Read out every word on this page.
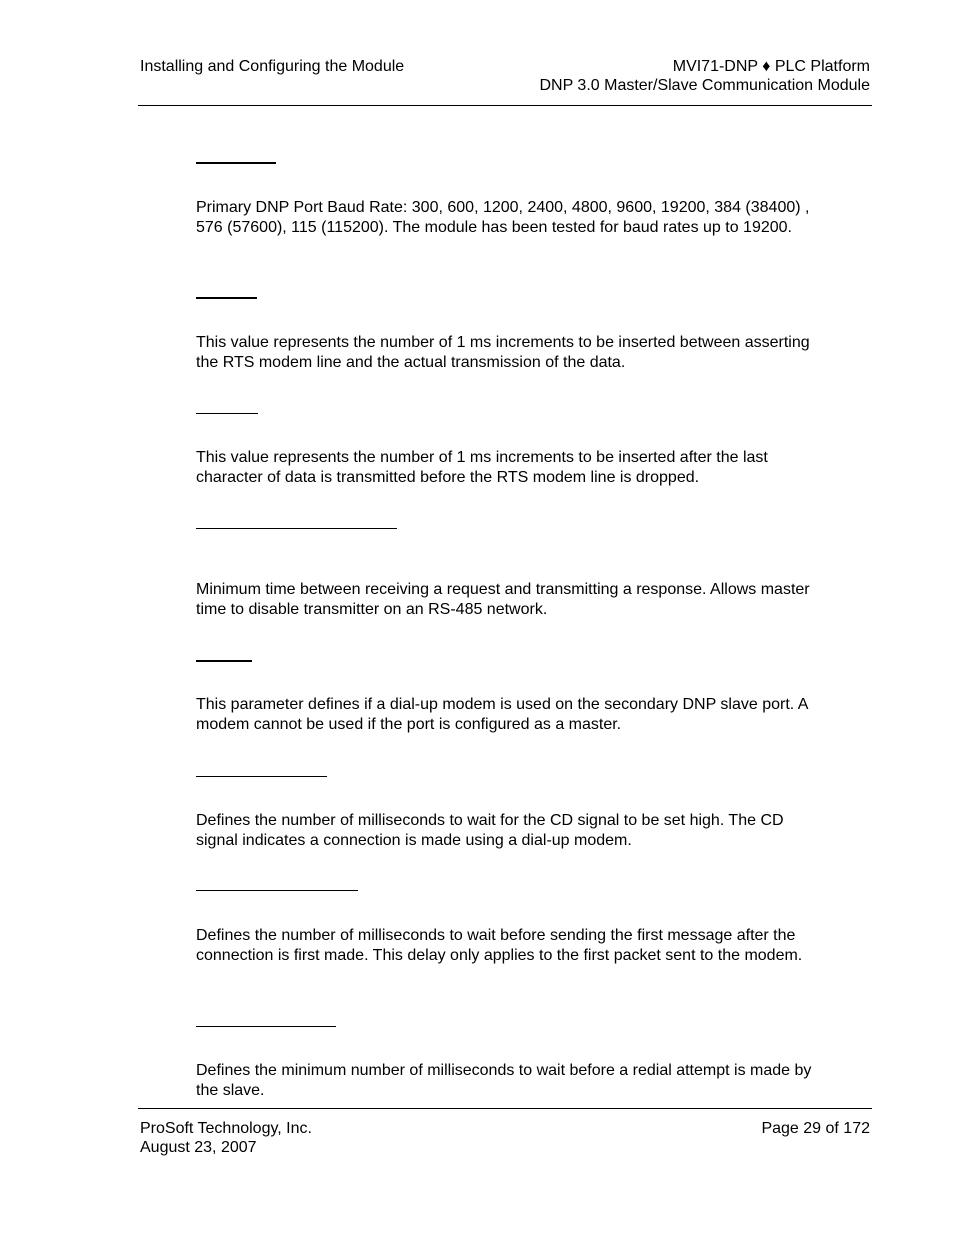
Installing and Configuring the Module	MVI71-DNP ♦ PLC Platform
DNP 3.0 Master/Slave Communication Module

Primary DNP Port Baud Rate: 300, 600, 1200, 2400, 4800, 9600, 19200, 384 (38400) , 576 (57600), 115 (115200). The module has been tested for baud rates up to 19200.

This value represents the number of 1 ms increments to be inserted between asserting the RTS modem line and the actual transmission of the data.

This value represents the number of 1 ms increments to be inserted after the last character of data is transmitted before the RTS modem line is dropped.

Minimum time between receiving a request and transmitting a response. Allows master time to disable transmitter on an RS-485 network.

This parameter defines if a dial-up modem is used on the secondary DNP slave port. A modem cannot be used if the port is configured as a master.

Defines the number of milliseconds to wait for the CD signal to be set high. The CD signal indicates a connection is made using a dial-up modem.

Defines the number of milliseconds to wait before sending the first message after the connection is first made. This delay only applies to the first packet sent to the modem.

Defines the minimum number of milliseconds to wait before a redial attempt is made by the slave.

ProSoft Technology, Inc.
August 23, 2007
Page 29 of 172
